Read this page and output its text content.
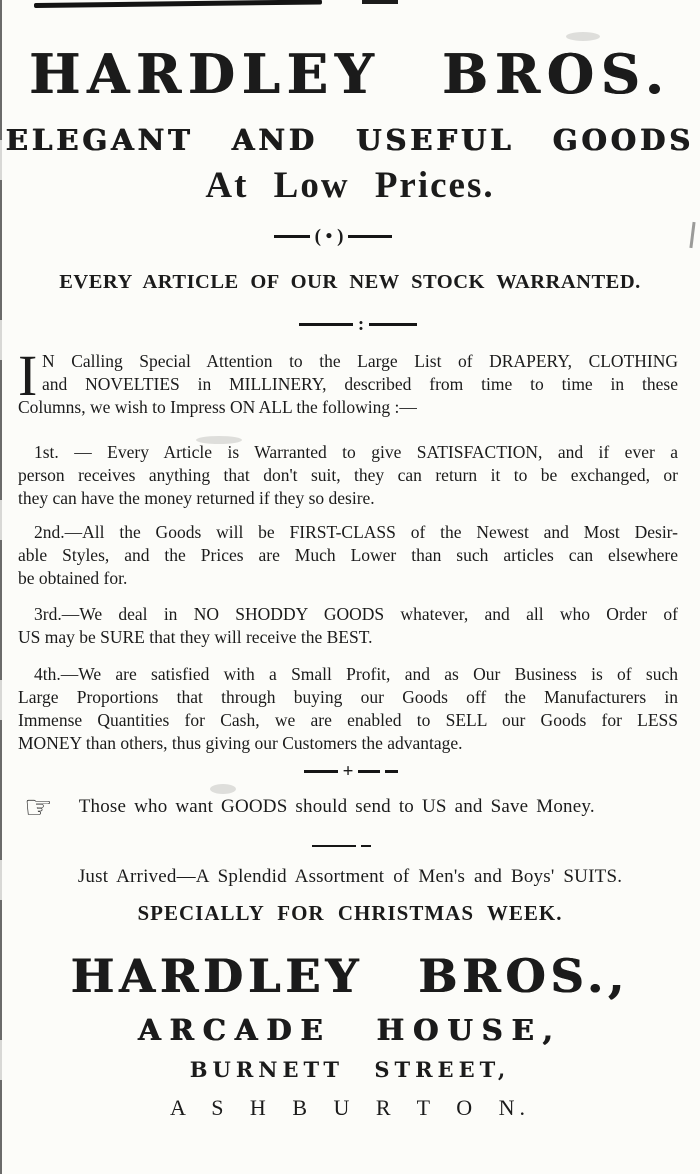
HARDLEY BROS.
ELEGANT AND USEFUL GOODS
At Low Prices.
( • )
EVERY ARTICLE OF OUR NEW STOCK WARRANTED.
:
I N Calling Special Attention to the Large List of DRAPERY, CLOTHING
and NOVELTIES in MILLINERY, described from time to time in these
Columns, we wish to Impress ON ALL the following :—
1st. — Every Article is Warranted to give SATISFACTION, and if ever a
person receives anything that don't suit, they can return it to be exchanged, or
they can have the money returned if they so desire.
2nd.—All the Goods will be FIRST-CLASS of the Newest and Most Desir-
able Styles, and the Prices are Much Lower than such articles can elsewhere
be obtained for.
3rd.—We deal in NO SHODDY GOODS whatever, and all who Order of
US may be SURE that they will receive the BEST.
4th.—We are satisfied with a Small Profit, and as Our Business is of such
Large Proportions that through buying our Goods off the Manufacturers in
Immense Quantities for Cash, we are enabled to SELL our Goods for LESS
MONEY than others, thus giving our Customers the advantage.
+
☞ Those who want GOODS should send to US and Save Money.
Just Arrived—A Splendid Assortment of Men's and Boys' SUITS.
SPECIALLY FOR CHRISTMAS WEEK.
HARDLEY BROS.,
ARCADE HOUSE,
BURNETT STREET,
A S H B U R T O N.
